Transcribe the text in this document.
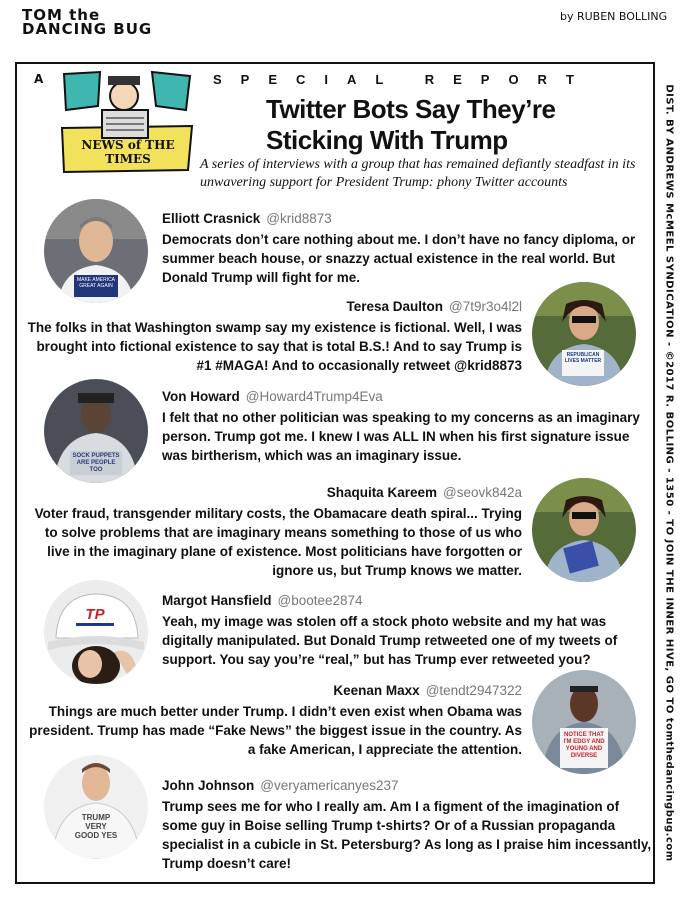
TOM the DANCING BUG
by RUBEN BOLLING
DIST. BY ANDREWS McMEEL SYNDICATION - ©2017 R. BOLLING - 1350 - TO JOIN THE INNER HIVE, GO TO tomthedancingbug.com
A
NEWS of THE TIMES
SPECIAL REPORT
Twitter Bots Say They’re Sticking With Trump
A series of interviews with a group that has remained defiantly steadfast in its unwavering support for President Trump: phony Twitter accounts
MAKE AMERICA GREAT AGAIN
Elliott Crasnick @krid8873
Democrats don’t care nothing about me. I don’t have no fancy diploma, or summer beach house, or snazzy actual existence in the real world. But Donald Trump will fight for me.
REPUBLICAN LIVES MATTER
Teresa Daulton @7t9r3o4l2l
The folks in that Washington swamp say my existence is fictional. Well, I was brought into fictional existence to say that is total B.S.! And to say Trump is #1 #MAGA! And to occasionally retweet @krid8873
SOCK PUPPETS ARE PEOPLE TOO
Von Howard @Howard4Trump4Eva
I felt that no other politician was speaking to my concerns as an imaginary person. Trump got me. I knew I was ALL IN when his first signature issue was birtherism, which was an imaginary issue.
Shaquita Kareem @seovk842a
Voter fraud, transgender military costs, the Obamacare death spiral... Trying to solve problems that are imaginary means something to those of us who live in the imaginary plane of existence. Most politicians have forgotten or ignore us, but Trump knows we matter.
TP
Margot Hansfield @bootee2874
Yeah, my image was stolen off a stock photo website and my hat was digitally manipulated. But Donald Trump retweeted one of my tweets of support. You say you’re “real,” but has Trump ever retweeted you?
NOTICE THAT I'M EDGY AND YOUNG AND DIVERSE
Keenan Maxx @tendt2947322
Things are much better under Trump. I didn’t even exist when Obama was president. Trump has made “Fake News” the biggest issue in the country. As a fake American, I appreciate the attention.
TRUMP VERY GOOD YES
John Johnson @veryamericanyes237
Trump sees me for who I really am. Am I a figment of the imagination of some guy in Boise selling Trump t-shirts? Or of a Russian propaganda specialist in a cubicle in St. Petersburg? As long as I praise him incessantly, Trump doesn’t care!
